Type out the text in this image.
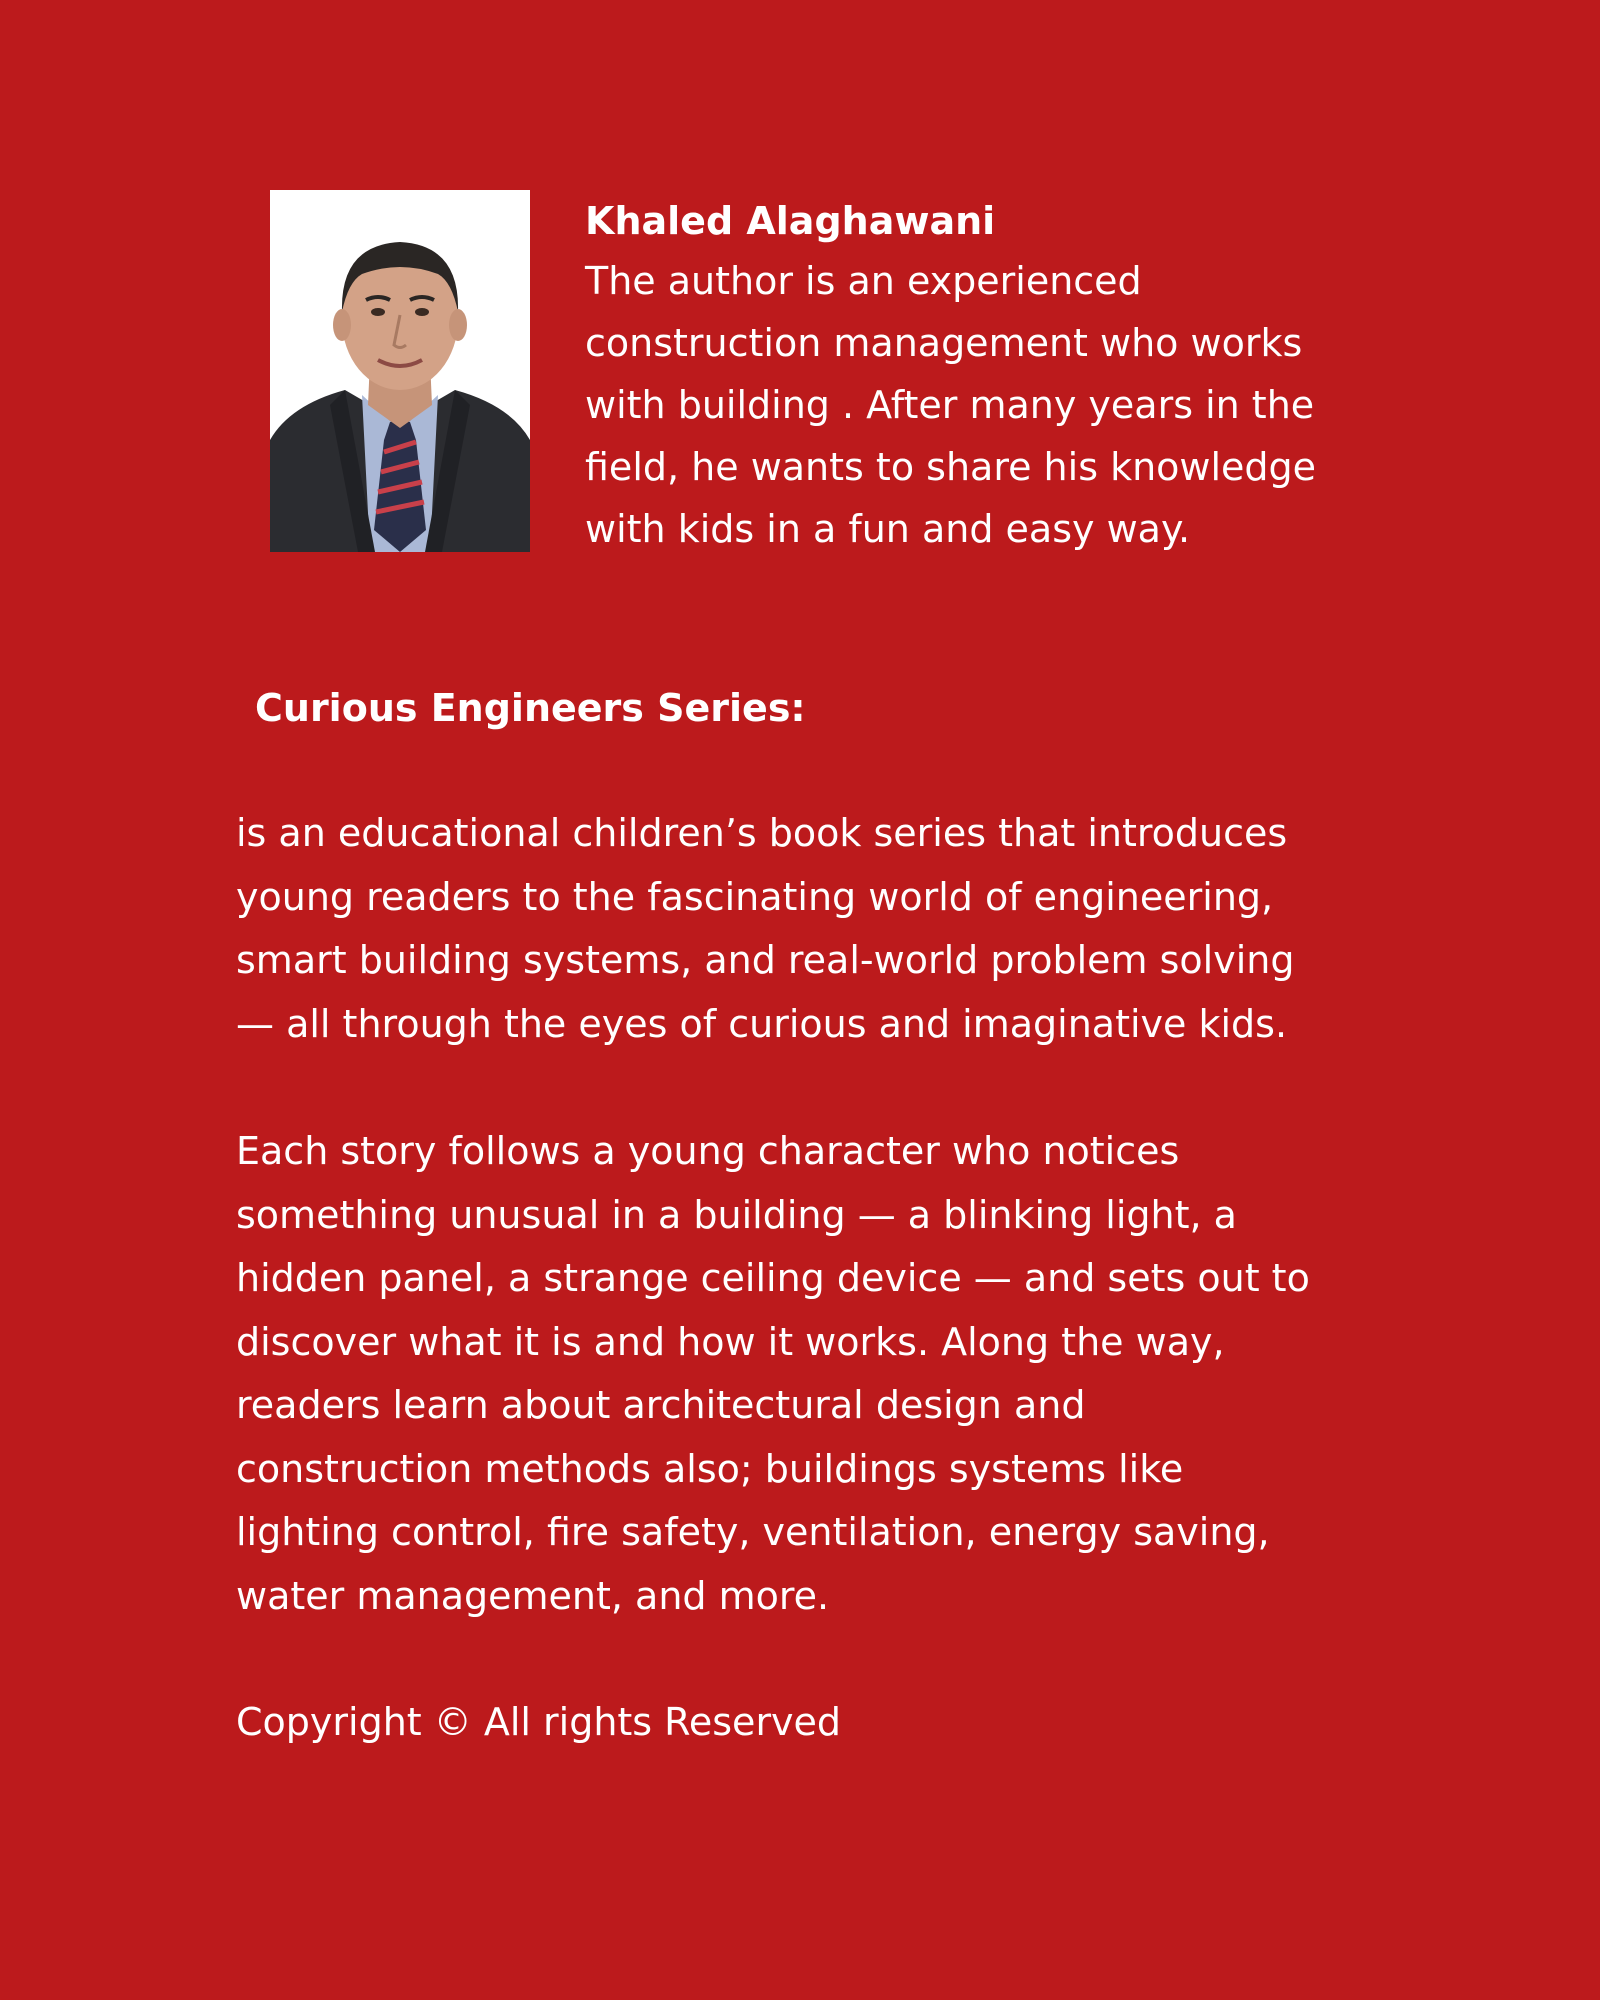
Khaled Alaghawani

The author is an experienced
construction management who works
with building . After many years in the
field, he wants to share his knowledge
with kids in a fun and easy way.

Curious Engineers Series:

is an educational children’s book series that introduces
young readers to the fascinating world of engineering,
smart building systems, and real-world problem solving
— all through the eyes of curious and imaginative kids.

Each story follows a young character who notices
something unusual in a building — a blinking light, a
hidden panel, a strange ceiling device — and sets out to
discover what it is and how it works. Along the way,
readers learn about architectural design and
construction methods also; buildings systems like
lighting control, fire safety, ventilation, energy saving,
water management, and more.

Copyright © All rights Reserved
